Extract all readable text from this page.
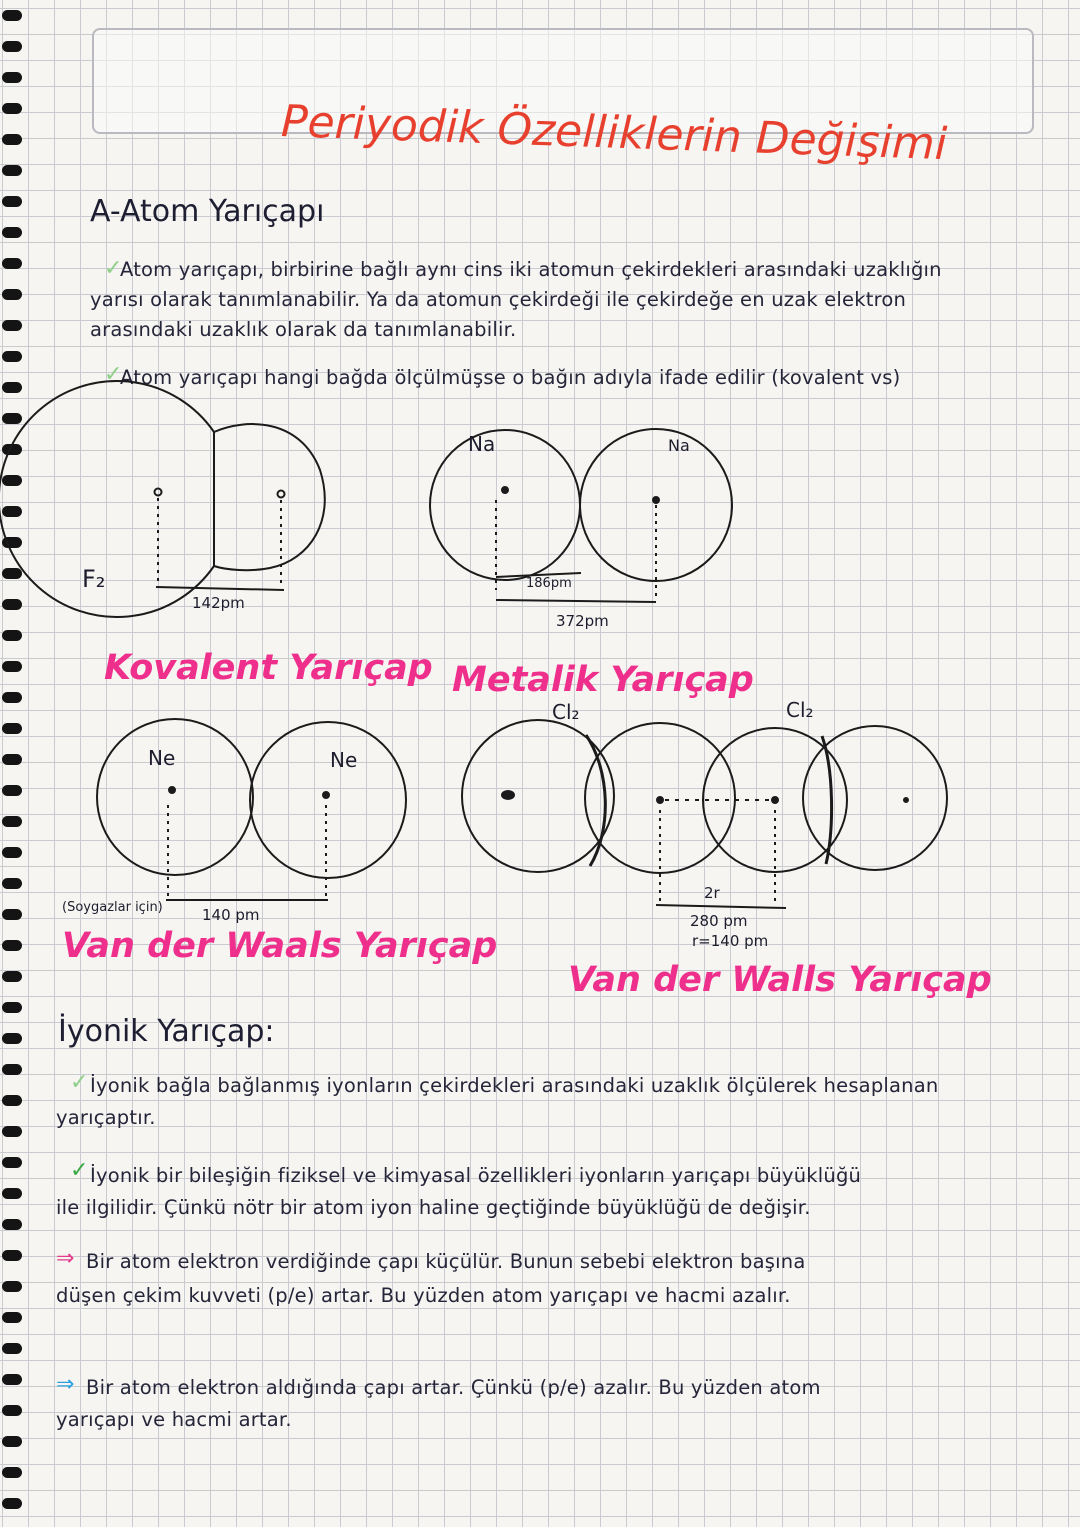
Periyodik Özelliklerin Değişimi
A-Atom Yarıçapı
✓
Atom yarıçapı, birbirine bağlı aynı cins iki atomun çekirdekleri arasındaki uzaklığın
yarısı olarak tanımlanabilir. Ya da atomun çekirdeği ile çekirdeğe en uzak elektron
arasındaki uzaklık olarak da tanımlanabilir.
✓
Atom yarıçapı hangi bağda ölçülmüşse o bağın adıyla ifade edilir (kovalent vs)
F₂
142pm
Kovalent Yarıçap
Na	Na
186pm
372pm
Metalik Yarıçap
Ne	Ne
(Soygazlar için)	140 pm
Van der Waals Yarıçap
Cl₂	Cl₂
2r
280 pm
r=140 pm
Van der Walls Yarıçap
İyonik Yarıçap:
✓ İyonik bağla bağlanmış iyonların çekirdekleri arasındaki uzaklık ölçülerek hesaplanan
yarıçaptır.
✓ İyonik bir bileşiğin fiziksel ve kimyasal özellikleri iyonların yarıçapı büyüklüğü
ile ilgilidir. Çünkü nötr bir atom iyon haline geçtiğinde büyüklüğü de değişir.
⇒ Bir atom elektron verdiğinde çapı küçülür. Bunun sebebi elektron başına
düşen çekim kuvveti (p/e) artar. Bu yüzden atom yarıçapı ve hacmi azalır.
⇒ Bir atom elektron aldığında çapı artar. Çünkü (p/e) azalır. Bu yüzden atom
yarıçapı ve hacmi artar.
